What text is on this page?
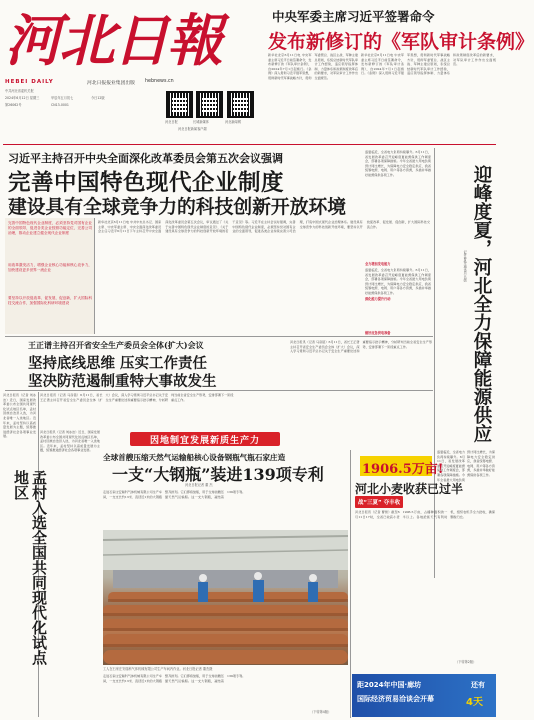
河北日報
HEBEI DAILY	河北日报报业集团出版 hebnews.cn
中共河北省委机关报
2024年6月12日 星期三	甲辰年五月初七	今日12版
第26062号	CN13-0001
河北日报	长城新媒体	河北新闻网
河北日报新闻客户端
中央军委主席习近平签署命令
发布新修订的《军队审计条例》
新华社北京6月11日电 中央军委主席习近平日前签署命令，发布新修订的《军队审计条例》，自2024年7月1日起施行。《条例》深入贯彻习近平强军思想，贯彻新时代军事战略方针，贯彻军委管总、战区主战、军种主建总原则，系统总结新时代军队审计工作经验，适应领导指挥体制、力量体系和政策制度改革后的新要求，对军队审计工作作出全面规范。
新华社北京6月11日电 中央军委主席习近平日前签署命令，发布新修订的《军队审计条例》，自2024年7月1日起施行。《条例》深入贯彻习近平强军思想，贯彻新时代军事战略方针，贯彻军委管总、战区主战、军种主建总原则，系统总结新时代军队审计工作经验，适应领导指挥体制、力量体系和政策制度改革后的新要求，对军队审计工作作出全面规范。
习近平主持召开中央全面深化改革委员会第五次会议强调
完善中国特色现代企业制度
建设具有全球竞争力的科技创新开放环境
完善中国特色现代企业制度，必须坚持党对国有企业的全面领导，促进各类企业按照功能定位，完善公司治理，推动企业建立健全现代企业制度
用改革激发活力，增强企业核心功能和核心竞争力，加快建设更多世界一流企业
要坚持以开放促改革、促发展、促创新，扩大国际科技交流合作，加强国际化科研环境建设
新华社北京6月11日电 中共中央总书记、国家主席、中央军委主席、中央全面深化改革委员会主任习近平6月11日下午主持召开中央全面深化改革委员会第五次会议，审议通过了《关于完善中国特色现代企业制度的意见》、《关于建设具有全球竞争力的科技创新开放环境的若干意见》等。习近平在主持会议时强调，完善中国特色现代企业制度，必须坚持党对国有企业的全面领导，促进各类企业持续完善公司治理，打造中国式现代企业治理体系。建设具有全球竞争力的科技创新开放环境，要坚持以开放促改革、促发展、促创新，扩大国际科技交流合作。	迎峰度夏，河北全力保障能源供应
记者 曹铮 通讯员 吕婧
盛夏临近，全省电力负荷持续攀升。6月11日，省发展改革委召开迎峰度夏能源保供工作调度会，部署各项保障措施。今年全省最大用电负荷预计同比增长，为保障电力安全稳定供应，我省统筹电源、电网、用户等各方资源，多措并举做好能源保供各项工作。
全力增加发电能力
深化能力提升行动
做好应急供电准备
盛夏临近，全省电力负荷持续攀升。6月11日，省发展改革委召开迎峰度夏能源保供工作调度会，部署各项保障措施。今年全省最大用电负荷预计同比增长，为保障电力安全稳定供应，我省统筹电源、电网、用户等各方资源，多措并举做好能源保供各项工作。
盛夏临近，全省电力负荷持续攀升。6月11日，省发展改革委召开迎峰度夏能源保供工作调度会，部署各项保障措施。今年全省最大用电负荷预计同比增长，为保障电力安全稳定供应，我省统筹电源、电网、用户等各方资源，多措并举做好能源保供各项工作。
王正谱主持召开省安全生产委员会全体(扩大)会议
坚持底线思维 压实工作责任
坚决防范遏制重特大事故发生
河北日报讯（记者 马彦铭）6月11日，省长王正谱主持召开省安全生产委员会全体（扩大）会议，深入学习贯彻习近平总书记关于安全生产重要论述和重要指示批示精神，分析研判当前全省安全生产形势，安排部署下一阶段重点工作。
河北日报讯（记者 马彦铭）6月11日，省长王正谱主持召开省安全生产委员会全体（扩大）会议，深入学习贯彻习近平总书记关于安全生产重要论述和重要指示批示精神，分析研判当前全省安全生产形势，安排部署下一阶段重点工作。
孟村入选全国共同现代化试点地区
河北日报讯（记者 刘冰洁）近日，国家发展改革委公布全国共同现代化试点地区名单，孟村回族自治县入选，为河北省唯一入选地区。近年来，孟村坚持以高质量发展为主题，统筹推进经济社会各项事业发展。
河北日报讯（记者 刘冰洁）近日，国家发展改革委公布全国共同现代化试点地区名单，孟村回族自治县入选，为河北省唯一入选地区。近年来，孟村坚持以高质量发展为主题，统筹推进经济社会各项事业发展。
因地制宜发展新质生产力
全球首艘压缩天然气运输船核心设备钢瓶气瓶石家庄造
一支“大钢瓶”装进139项专利
河北日报记者 董 杰
走进石家庄安瑞科气体机械有限公司生产车间，一支支长约13米、直径近1米的大钢瓶整齐排列。它们即将装船，用于全球首艘压缩天然气运输船。这一支大钢瓶，凝结着139项专利。
工人在石家庄安瑞科气体机械有限公司生产车间内作业。河北日报记者 董杰摄
走进石家庄安瑞科气体机械有限公司生产车间，一支支长约13米、直径近1米的大钢瓶整齐排列。它们即将装船，用于全球首艘压缩天然气运输船。这一支大钢瓶，凝结着139项专利。
（下转第4版）
1906.5万亩!
河北小麦收获已过半
战“三夏” 夺丰收
河北日报讯（记者 曹智）截至6月11日17时，全省已收获小麦1906.5万亩，占播种面积的一半以上。各地抢抓天气有利时机，组织农机手全力抢收，确保颗粒归仓。
（下转第2版）
距2024年中国·廊坊
国际经济贸易洽谈会开幕
还有
4天
